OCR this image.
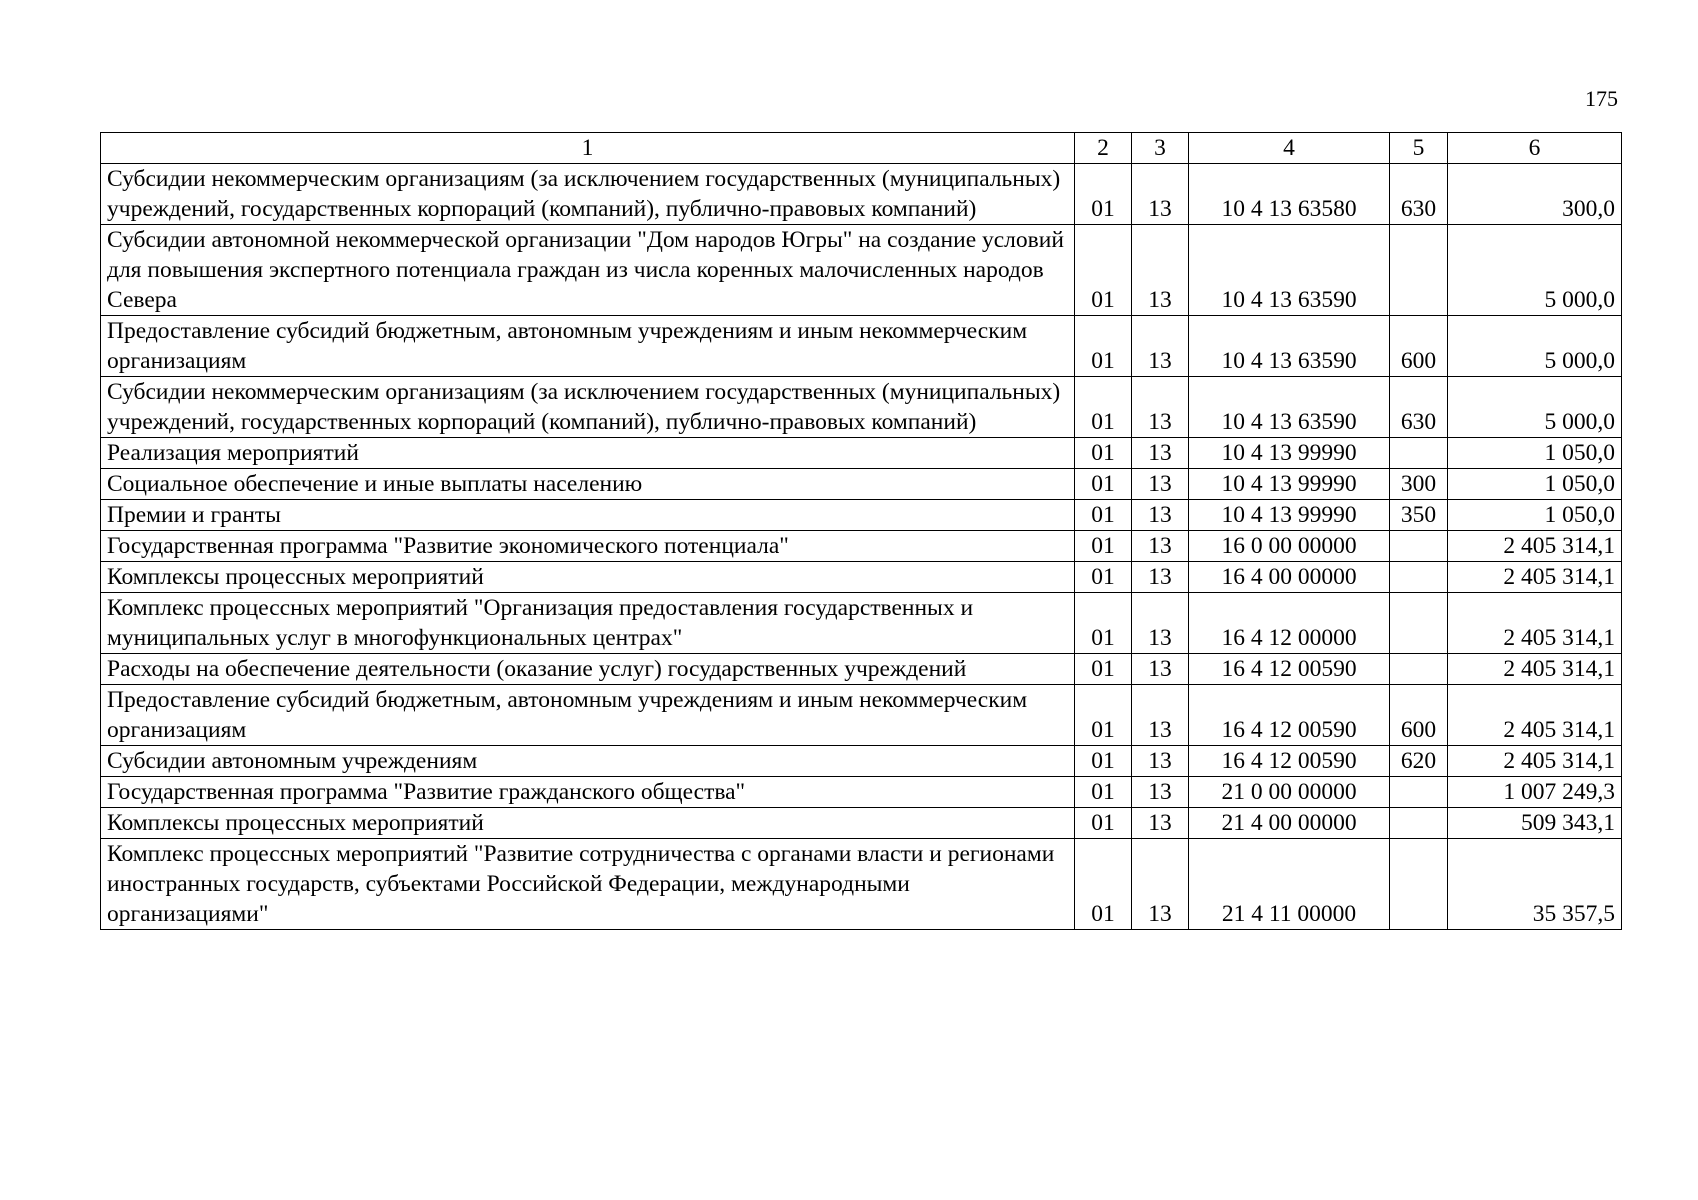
175
1	2	3	4	5	6
Субсидии некоммерческим организациям (за исключением государственных (муниципальных) учреждений, государственных корпораций (компаний), публично-правовых компаний)	01	13	10 4 13 63580	630	300,0
Субсидии автономной некоммерческой организации "Дом народов Югры" на создание условий для повышения экспертного потенциала граждан из числа коренных малочисленных народов Севера	01	13	10 4 13 63590		5 000,0
Предоставление субсидий бюджетным, автономным учреждениям и иным некоммерческим организациям	01	13	10 4 13 63590	600	5 000,0
Субсидии некоммерческим организациям (за исключением государственных (муниципальных) учреждений, государственных корпораций (компаний), публично-правовых компаний)	01	13	10 4 13 63590	630	5 000,0
Реализация мероприятий	01	13	10 4 13 99990		1 050,0
Социальное обеспечение и иные выплаты населению	01	13	10 4 13 99990	300	1 050,0
Премии и гранты	01	13	10 4 13 99990	350	1 050,0
Государственная программа "Развитие экономического потенциала"	01	13	16 0 00 00000		2 405 314,1
Комплексы процессных мероприятий	01	13	16 4 00 00000		2 405 314,1
Комплекс процессных мероприятий "Организация предоставления государственных и муниципальных услуг в многофункциональных центрах"	01	13	16 4 12 00000		2 405 314,1
Расходы на обеспечение деятельности (оказание услуг) государственных учреждений	01	13	16 4 12 00590		2 405 314,1
Предоставление субсидий бюджетным, автономным учреждениям и иным некоммерческим организациям	01	13	16 4 12 00590	600	2 405 314,1
Субсидии автономным учреждениям	01	13	16 4 12 00590	620	2 405 314,1
Государственная программа "Развитие гражданского общества"	01	13	21 0 00 00000		1 007 249,3
Комплексы процессных мероприятий	01	13	21 4 00 00000		509 343,1
Комплекс процессных мероприятий "Развитие сотрудничества с органами власти и регионами иностранных государств, субъектами Российской Федерации, международными организациями"	01	13	21 4 11 00000		35 357,5
